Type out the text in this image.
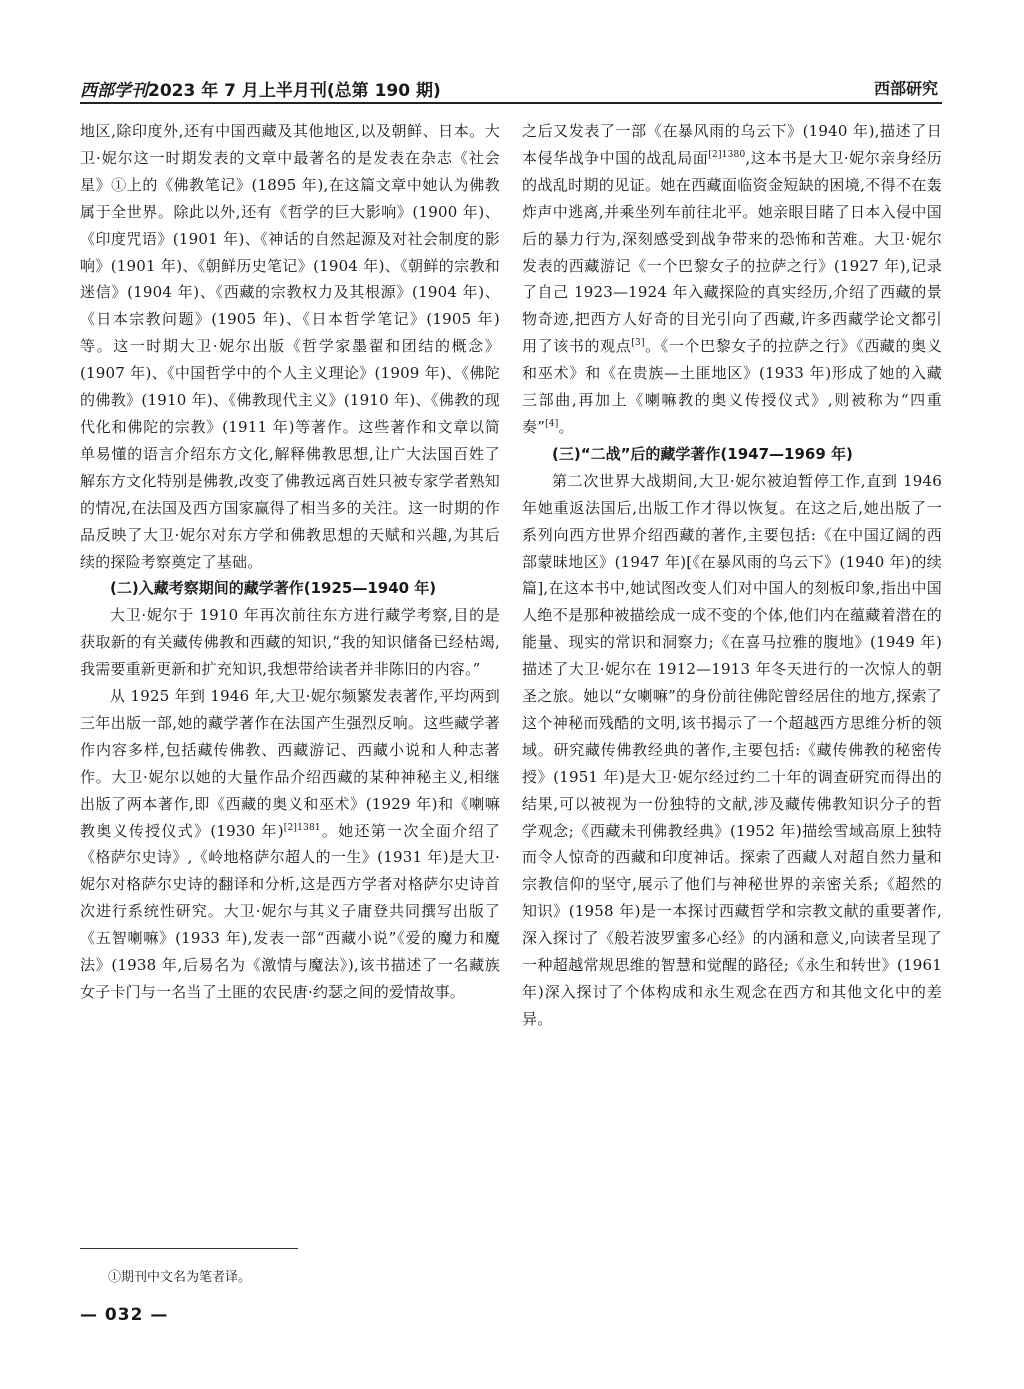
西部学刊2023 年 7 月上半月刊(总第 190 期)	西部研究

地区,除印度外,还有中国西藏及其他地区,以及朝鲜、日本。大卫·妮尔这一时期发表的文章中最著名的是发表在杂志《社会星》①上的《佛教笔记》(1895 年),在这篇文章中她认为佛教属于全世界。除此以外,还有《哲学的巨大影响》(1900 年)、《印度咒语》(1901 年)、《神话的自然起源及对社会制度的影响》(1901 年)、《朝鲜历史笔记》(1904 年)、《朝鲜的宗教和迷信》(1904 年)、《西藏的宗教权力及其根源》(1904 年)、《日本宗教问题》(1905 年)、《日本哲学笔记》(1905 年)等。这一时期大卫·妮尔出版《哲学家墨翟和团结的概念》(1907 年)、《中国哲学中的个人主义理论》(1909 年)、《佛陀的佛教》(1910 年)、《佛教现代主义》(1910 年)、《佛教的现代化和佛陀的宗教》(1911 年)等著作。这些著作和文章以简单易懂的语言介绍东方文化,解释佛教思想,让广大法国百姓了解东方文化特别是佛教,改变了佛教远离百姓只被专家学者熟知的情况,在法国及西方国家赢得了相当多的关注。这一时期的作品反映了大卫·妮尔对东方学和佛教思想的天赋和兴趣,为其后续的探险考察奠定了基础。

(二)入藏考察期间的藏学著作(1925—1940 年)

大卫·妮尔于 1910 年再次前往东方进行藏学考察,目的是获取新的有关藏传佛教和西藏的知识,“我的知识储备已经枯竭,我需要重新更新和扩充知识,我想带给读者并非陈旧的内容。”

从 1925 年到 1946 年,大卫·妮尔频繁发表著作,平均两到三年出版一部,她的藏学著作在法国产生强烈反响。这些藏学著作内容多样,包括藏传佛教、西藏游记、西藏小说和人种志著作。大卫·妮尔以她的大量作品介绍西藏的某种神秘主义,相继出版了两本著作,即《西藏的奥义和巫术》(1929 年)和《喇嘛教奥义传授仪式》(1930 年)$^{[2]1381}$。她还第一次全面介绍了《格萨尔史诗》,《岭地格萨尔超人的一生》(1931 年)是大卫·妮尔对格萨尔史诗的翻译和分析,这是西方学者对格萨尔史诗首次进行系统性研究。大卫·妮尔与其义子庸登共同撰写出版了《五智喇嘛》(1933 年),发表一部“西藏小说”《爱的魔力和魔法》(1938 年,后易名为《激情与魔法》),该书描述了一名藏族女子卡门与一名当了土匪的农民唐·约瑟之间的爱情故事。

之后又发表了一部《在暴风雨的乌云下》(1940 年),描述了日本侵华战争中国的战乱局面$^{[2]1380}$,这本书是大卫·妮尔亲身经历的战乱时期的见证。她在西藏面临资金短缺的困境,不得不在轰炸声中逃离,并乘坐列车前往北平。她亲眼目睹了日本入侵中国后的暴力行为,深刻感受到战争带来的恐怖和苦难。大卫·妮尔发表的西藏游记《一个巴黎女子的拉萨之行》(1927 年),记录了自己 1923—1924 年入藏探险的真实经历,介绍了西藏的景物奇迹,把西方人好奇的目光引向了西藏,许多西藏学论文都引用了该书的观点[3]。《一个巴黎女子的拉萨之行》《西藏的奥义和巫术》和《在贵族—土匪地区》(1933 年)形成了她的入藏三部曲,再加上《喇嘛教的奥义传授仪式》,则被称为“四重奏”[4]。

(三)“二战”后的藏学著作(1947—1969 年)

第二次世界大战期间,大卫·妮尔被迫暂停工作,直到 1946 年她重返法国后,出版工作才得以恢复。在这之后,她出版了一系列向西方世界介绍西藏的著作,主要包括:《在中国辽阔的西部蒙昧地区》(1947 年)[《在暴风雨的乌云下》(1940 年)的续篇],在这本书中,她试图改变人们对中国人的刻板印象,指出中国人绝不是那种被描绘成一成不变的个体,他们内在蕴藏着潜在的能量、现实的常识和洞察力;《在喜马拉雅的腹地》(1949 年)描述了大卫·妮尔在 1912—1913 年冬天进行的一次惊人的朝圣之旅。她以“女喇嘛”的身份前往佛陀曾经居住的地方,探索了这个神秘而残酷的文明,该书揭示了一个超越西方思维分析的领域。研究藏传佛教经典的著作,主要包括:《藏传佛教的秘密传授》(1951 年)是大卫·妮尔经过约二十年的调查研究而得出的结果,可以被视为一份独特的文献,涉及藏传佛教知识分子的哲学观念;《西藏未刊佛教经典》(1952 年)描绘雪域高原上独特而令人惊奇的西藏和印度神话。探索了西藏人对超自然力量和宗教信仰的坚守,展示了他们与神秘世界的亲密关系;《超然的知识》(1958 年)是一本探讨西藏哲学和宗教文献的重要著作,深入探讨了《般若波罗蜜多心经》的内涵和意义,向读者呈现了一种超越常规思维的智慧和觉醒的路径;《永生和转世》(1961 年)深入探讨了个体构成和永生观念在西方和其他文化中的差异。

①期刊中文名为笔者译。
— 032 —
